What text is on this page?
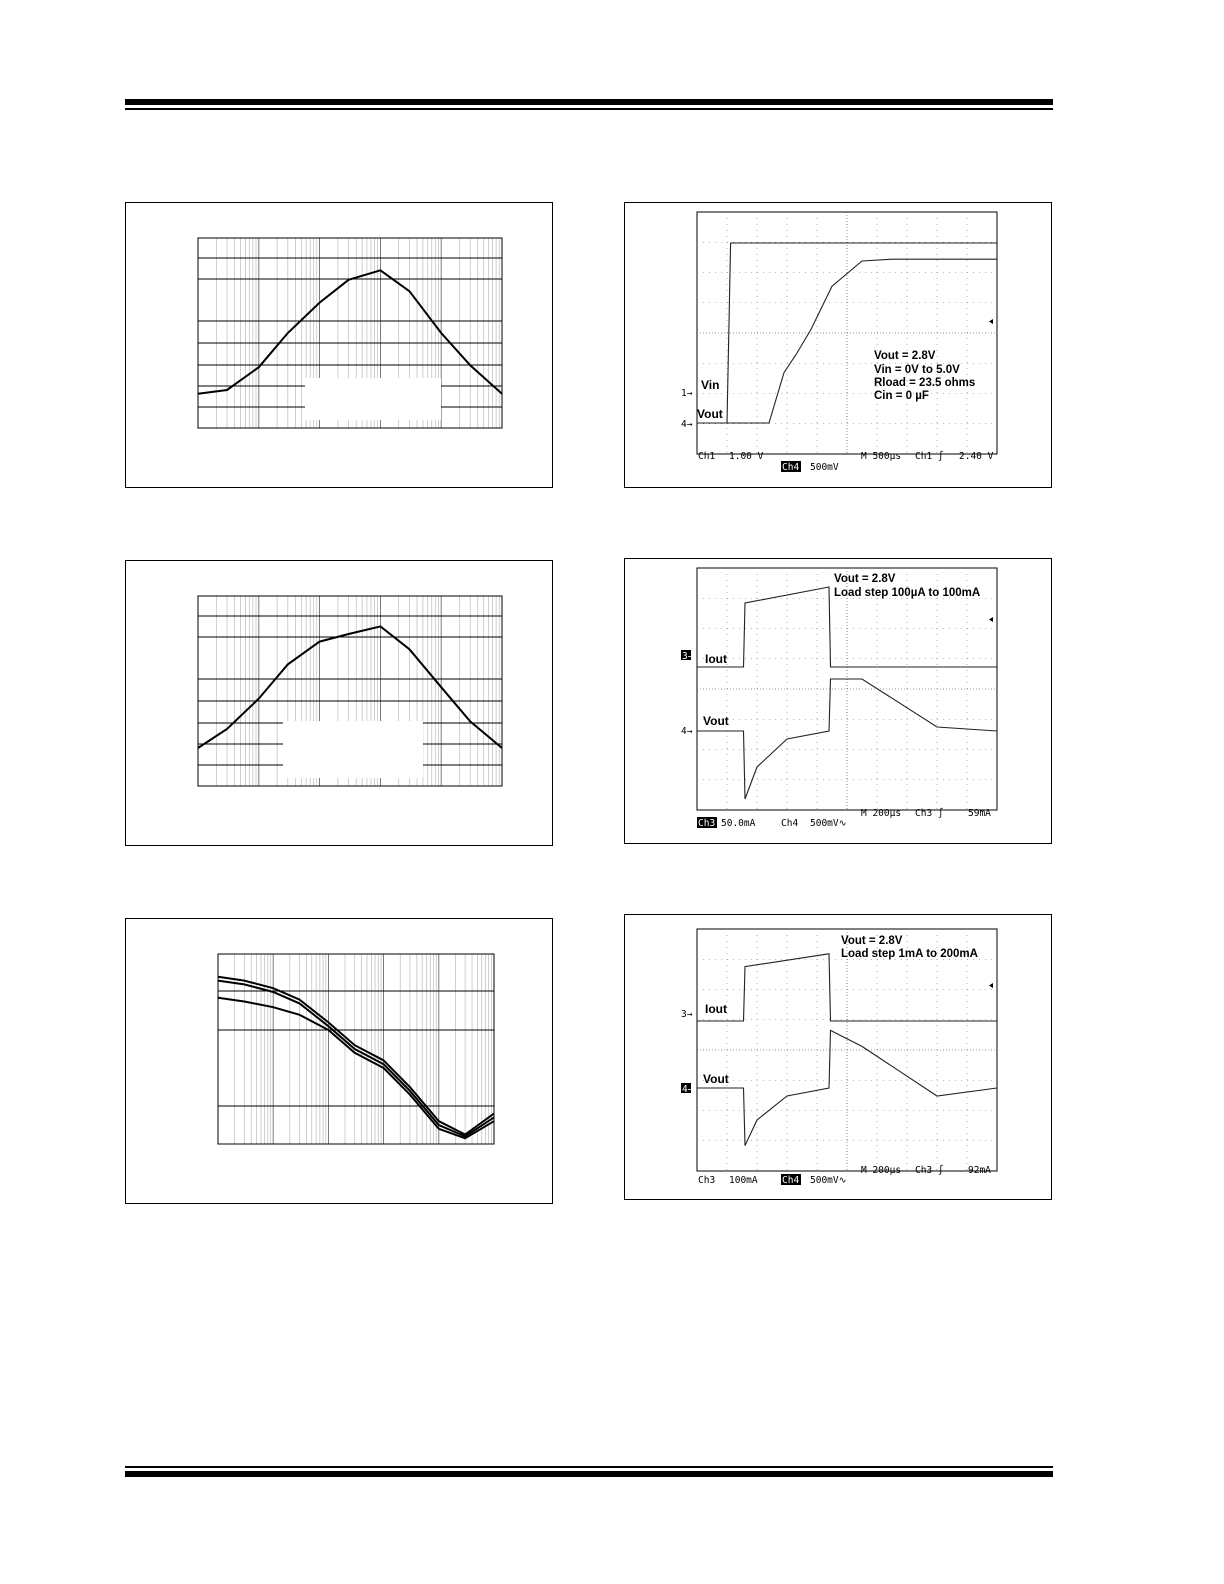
Vout = 2.8V
Vin = 0V to 5.0V
Rload = 23.5 ohms
Cin = 0 µF
Vin
Vout
1→
4→
Ch1 1.00 V
Ch4 500mV
M 500µs Ch1 ∫ 2.40 V
Vout = 2.8V
Load step 100µA to 100mA
Iout
Vout
3→
4→
Ch3 50.0mA	Ch4 500mV∿
M 200µs Ch3 ∫	59mA
Vout = 2.8V
Load step 1mA to 200mA
Iout
Vout
3→
4→
Ch3 100mA	Ch4 500mV∿
M 200µs Ch3 ∫	92mA
